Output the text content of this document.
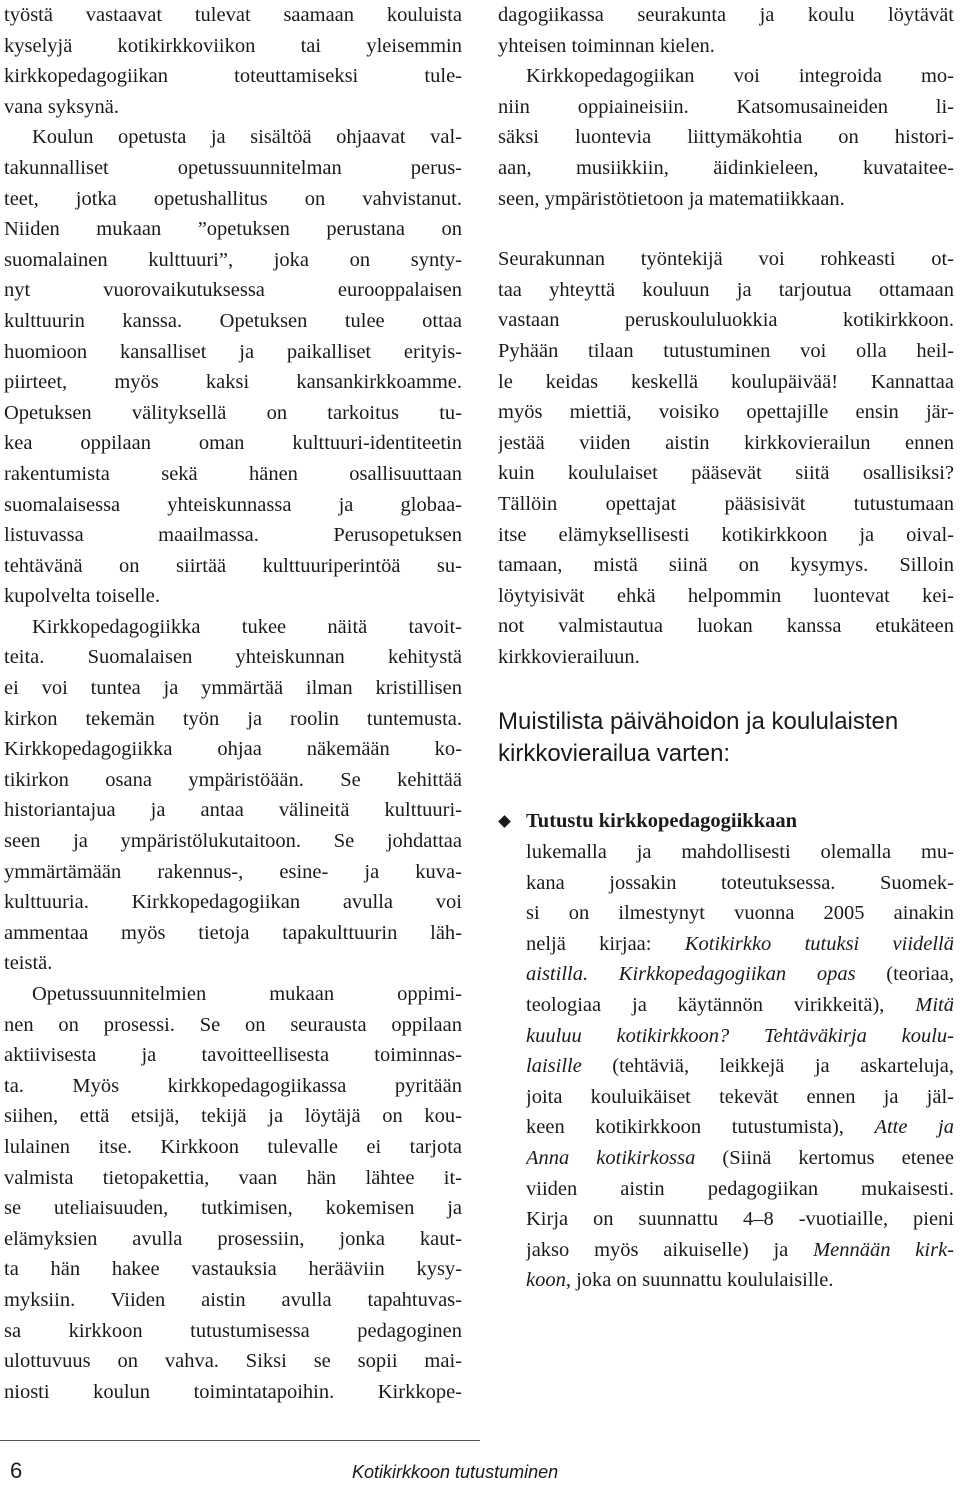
työstä vastaavat tulevat saamaan kouluista
kyselyjä kotikirkkoviikon tai yleisemmin
kirkkopedagogiikan toteuttamiseksi tule-
vana syksynä.
Koulun opetusta ja sisältöä ohjaavat val-
takunnalliset opetussuunnitelman perus-
teet, jotka opetushallitus on vahvistanut.
Niiden mukaan ”opetuksen perustana on
suomalainen kulttuuri”, joka on synty-
nyt vuorovaikutuksessa eurooppalaisen
kulttuurin kanssa. Opetuksen tulee ottaa
huomioon kansalliset ja paikalliset erityis-
piirteet, myös kaksi kansankirkkoamme.
Opetuksen välityksellä on tarkoitus tu-
kea oppilaan oman kulttuuri-identiteetin
rakentumista sekä hänen osallisuuttaan
suomalaisessa yhteiskunnassa ja globaa-
listuvassa maailmassa. Perusopetuksen
tehtävänä on siirtää kulttuuriperintöä su-
kupolvelta toiselle.
Kirkkopedagogiikka tukee näitä tavoit-
teita. Suomalaisen yhteiskunnan kehitystä
ei voi tuntea ja ymmärtää ilman kristillisen
kirkon tekemän työn ja roolin tuntemusta.
Kirkkopedagogiikka ohjaa näkemään ko-
tikirkon osana ympäristöään. Se kehittää
historiantajua ja antaa välineitä kulttuuri-
seen ja ympäristölukutaitoon. Se johdattaa
ymmärtämään rakennus-, esine- ja kuva-
kulttuuria. Kirkkopedagogiikan avulla voi
ammentaa myös tietoja tapakulttuurin läh-
teistä.
Opetussuunnitelmien mukaan oppimi-
nen on prosessi. Se on seurausta oppilaan
aktiivisesta ja tavoitteellisesta toiminnas-
ta. Myös kirkkopedagogiikassa pyritään
siihen, että etsijä, tekijä ja löytäjä on kou-
lulainen itse. Kirkkoon tulevalle ei tarjota
valmista tietopakettia, vaan hän lähtee it-
se uteliaisuuden, tutkimisen, kokemisen ja
elämyksien avulla prosessiin, jonka kaut-
ta hän hakee vastauksia herääviin kysy-
myksiin. Viiden aistin avulla tapahtuvas-
sa kirkkoon tutustumisessa pedagoginen
ulottuvuus on vahva. Siksi se sopii mai-
niosti koulun toimintatapoihin. Kirkkope-
dagogiikassa seurakunta ja koulu löytävät
yhteisen toiminnan kielen.
Kirkkopedagogiikan voi integroida mo-
niin oppiaineisiin. Katsomusaineiden li-
säksi luontevia liittymäkohtia on histori-
aan, musiikkiin, äidinkieleen, kuvataitee-
seen, ympäristötietoon ja matematiikkaan.
Seurakunnan työntekijä voi rohkeasti ot-
taa yhteyttä kouluun ja tarjoutua ottamaan
vastaan peruskoululuokkia kotikirkkoon.
Pyhään tilaan tutustuminen voi olla heil-
le keidas keskellä koulupäivää! Kannattaa
myös miettiä, voisiko opettajille ensin jär-
jestää viiden aistin kirkkovierailun ennen
kuin koululaiset pääsevät siitä osallisiksi?
Tällöin opettajat pääsisivät tutustumaan
itse elämyksellisesti kotikirkkoon ja oival-
tamaan, mistä siinä on kysymys. Silloin
löytyisivät ehkä helpommin luontevat kei-
not valmistautua luokan kanssa etukäteen
kirkkovierailuun.
Muistilista päivähoidon ja koululaisten
kirkkovierailua varten:
Tutustu kirkkopedagogiikkaan
lukemalla ja mahdollisesti olemalla mu-
kana jossakin toteutuksessa. Suomek-
si on ilmestynyt vuonna 2005 ainakin
neljä kirjaa: Kotikirkko tutuksi viidellä
aistilla. Kirkkopedagogiikan opas (teoriaa,
teologiaa ja käytännön virikkeitä), Mitä
kuuluu kotikirkkoon? Tehtäväkirja koulu-
laisille (tehtäviä, leikkejä ja askarteluja,
joita kouluikäiset tekevät ennen ja jäl-
keen kotikirkkoon tutustumista), Atte ja
Anna kotikirkossa (Siinä kertomus etenee
viiden aistin pedagogiikan mukaisesti.
Kirja on suunnattu 4–8 -vuotiaille, pieni
jakso myös aikuiselle) ja Mennään kirk-
koon, joka on suunnattu koululaisille.
6	Kotikirkkoon tutustuminen
